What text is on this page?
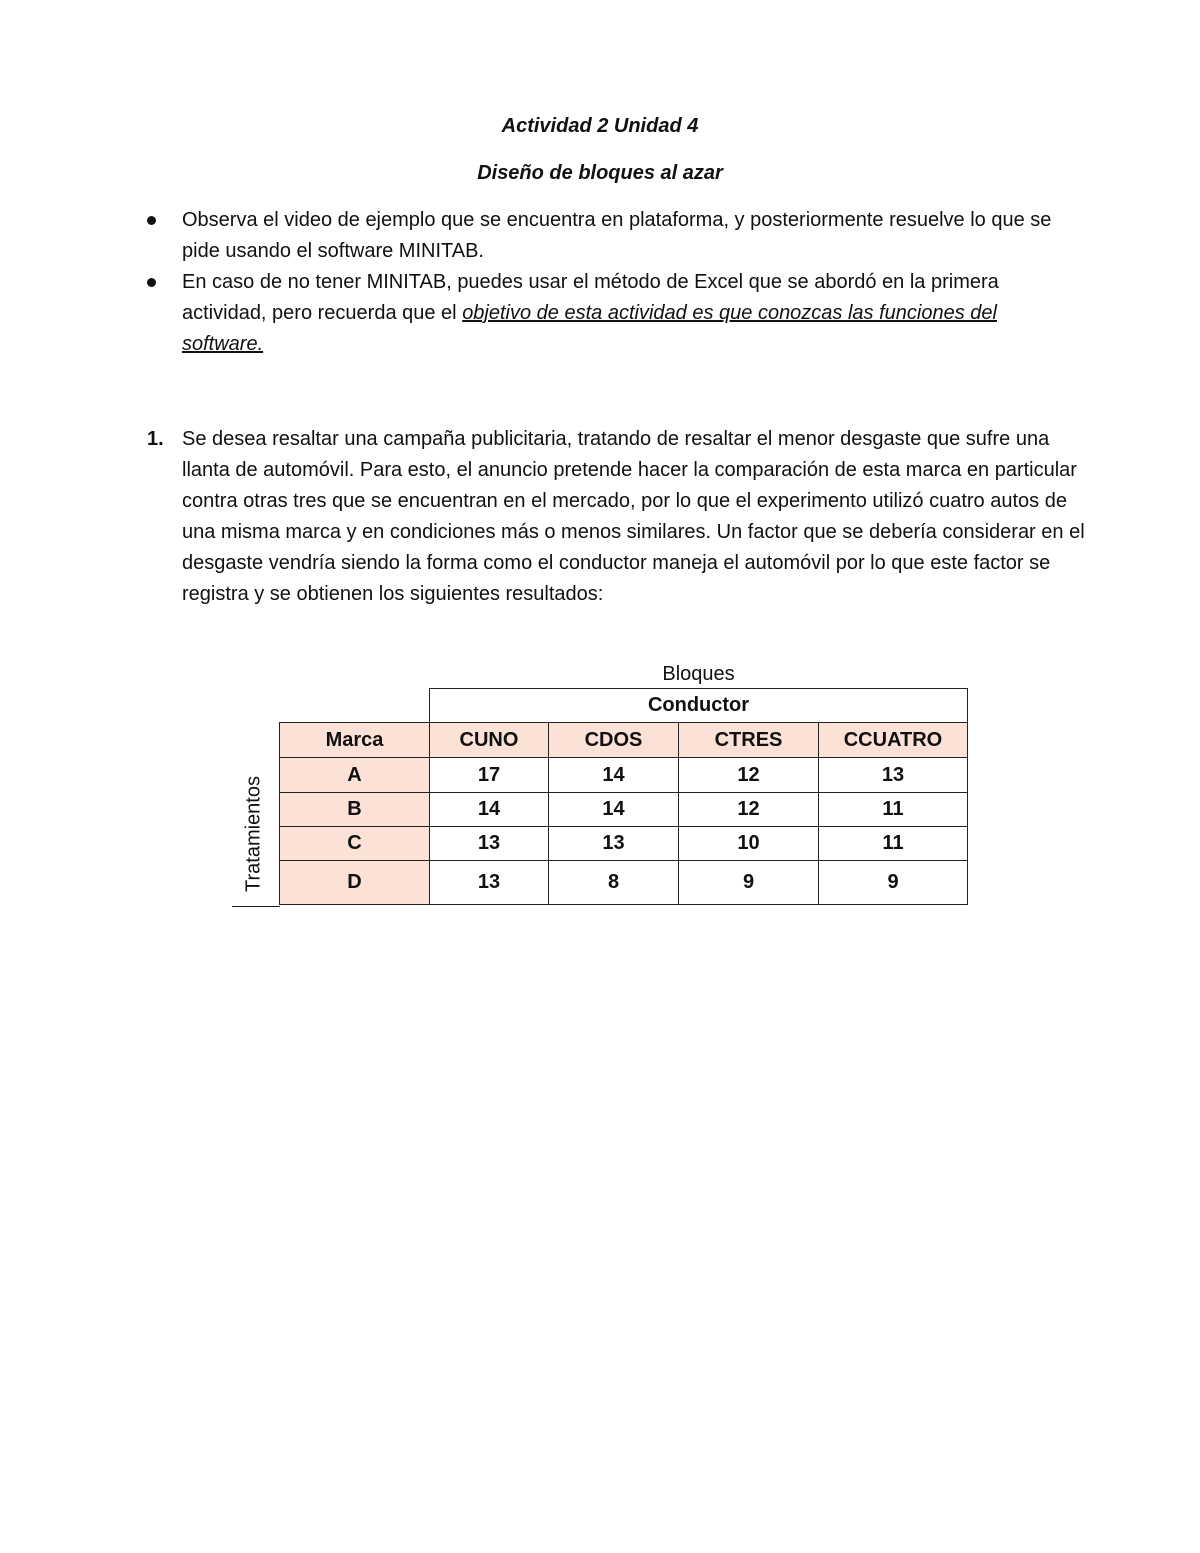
Actividad 2 Unidad 4
Diseño de bloques al azar
Observa el video de ejemplo que se encuentra en plataforma, y posteriormente resuelve lo que se pide usando el software MINITAB.
En caso de no tener MINITAB, puedes usar el método de Excel que se abordó en la primera actividad, pero recuerda que el objetivo de esta actividad es que conozcas las funciones del software.
1. Se desea resaltar una campaña publicitaria, tratando de resaltar el menor desgaste que sufre una llanta de automóvil. Para esto, el anuncio pretende hacer la comparación de esta marca en particular contra otras tres que se encuentran en el mercado, por lo que el experimento utilizó cuatro autos de una misma marca y en condiciones más o menos similares. Un factor que se debería considerar en el desgaste vendría siendo la forma como el conductor maneja el automóvil por lo que este factor se registra y se obtienen los siguientes resultados:
Bloques
Tratamientos
	Conductor			
Marca	CUNO	CDOS	CTRES	CCUATRO
A	17	14	12	13
B	14	14	12	11
C	13	13	10	11
D	13	8	9	9
